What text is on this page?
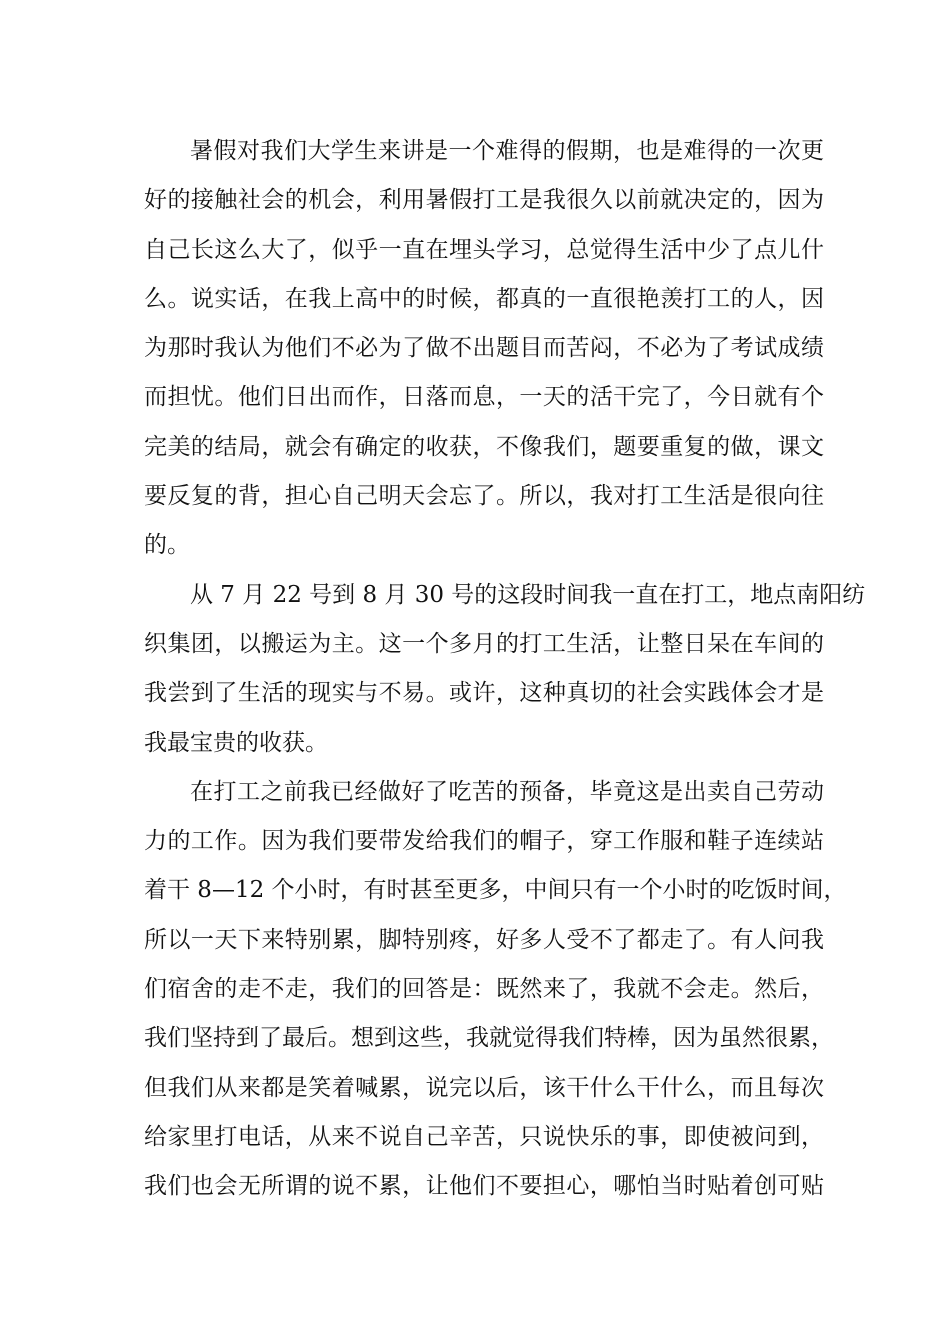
暑假对我们大学生来讲是一个难得的假期，也是难得的一次更
好的接触社会的机会，利用暑假打工是我很久以前就决定的，因为
自己长这么大了，似乎一直在埋头学习，总觉得生活中少了点儿什
么。说实话，在我上高中的时候，都真的一直很艳羡打工的人，因
为那时我认为他们不必为了做不出题目而苦闷，不必为了考试成绩
而担忧。他们日出而作，日落而息，一天的活干完了，今日就有个
完美的结局，就会有确定的收获，不像我们，题要重复的做，课文
要反复的背，担心自己明天会忘了。所以，我对打工生活是很向往
的。

从 7 月 22 号到 8 月 30 号的这段时间我一直在打工，地点南阳纺
织集团，以搬运为主。这一个多月的打工生活，让整日呆在车间的
我尝到了生活的现实与不易。或许，这种真切的社会实践体会才是
我最宝贵的收获。

在打工之前我已经做好了吃苦的预备，毕竟这是出卖自己劳动
力的工作。因为我们要带发给我们的帽子，穿工作服和鞋子连续站
着干 8—12 个小时，有时甚至更多，中间只有一个小时的吃饭时间，
所以一天下来特别累，脚特别疼，好多人受不了都走了。有人问我
们宿舍的走不走，我们的回答是：既然来了，我就不会走。然后，
我们坚持到了最后。想到这些，我就觉得我们特棒，因为虽然很累，
但我们从来都是笑着喊累，说完以后，该干什么干什么，而且每次
给家里打电话，从来不说自己辛苦，只说快乐的事，即使被问到，
我们也会无所谓的说不累，让他们不要担心，哪怕当时贴着创可贴
